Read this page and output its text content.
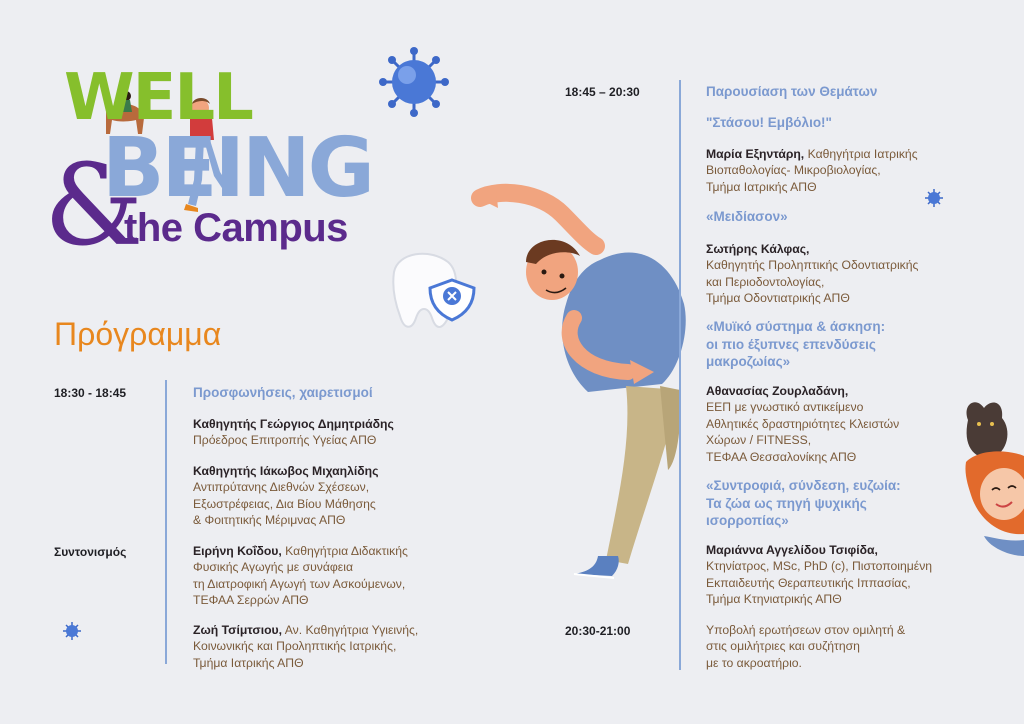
WELL
BEING
&
the Campus
Πρόγραμμα
18:30 - 18:45	Προσφωνήσεις, χαιρετισμοί
Καθηγητής Γεώργιος Δημητριάδης
Πρόεδρος Επιτροπής Υγείας ΑΠΘ
Καθηγητής Ιάκωβος Μιχαηλίδης
Αντιπρύτανης Διεθνών Σχέσεων,
Εξωστρέφειας, Δια Βίου Μάθησης
& Φοιτητικής Μέριμνας ΑΠΘ
Συντονισμός	Ειρήνη Κοΐδου, Καθηγήτρια Διδακτικής
Φυσικής Αγωγής με συνάφεια
τη Διατροφική Αγωγή των Ασκούμενων,
ΤΕΦΑΑ Σερρών ΑΠΘ
Ζωή Τσίμτσιου, Αν. Καθηγήτρια Υγιεινής,
Κοινωνικής και Προληπτικής Ιατρικής,
Τμήμα Ιατρικής ΑΠΘ
18:45 – 20:30	Παρουσίαση των Θεμάτων
"Στάσου! Εμβόλιο!"
Μαρία Εξηντάρη, Καθηγήτρια Ιατρικής
Βιοπαθολογίας- Μικροβιολογίας,
Τμήμα Ιατρικής ΑΠΘ
«Μειδίασον»
Σωτήρης Κάλφας,
Καθηγητής Προληπτικής Οδοντιατρικής
και Περιοδοντολογίας,
Τμήμα Οδοντιατρικής ΑΠΘ
«Μυϊκό σύστημα & άσκηση:
οι πιο έξυπνες επενδύσεις
μακροζωίας»
Αθανασίας Ζουρλαδάνη,
ΕΕΠ με γνωστικό αντικείμενο
Αθλητικές δραστηριότητες Κλειστών
Χώρων / FITNESS,
ΤΕΦΑΑ Θεσσαλονίκης ΑΠΘ
«Συντροφιά, σύνδεση, ευζωία:
Τα ζώα ως πηγή ψυχικής
ισορροπίας»
Μαριάννα Αγγελίδου Τσιφίδα,
Κτηνίατρος, MSc, PhD (c), Πιστοποιημένη
Εκπαιδευτής Θεραπευτικής Ιππασίας,
Τμήμα Κτηνιατρικής ΑΠΘ
20:30-21:00	Υποβολή ερωτήσεων στον ομιλητή &
στις ομιλήτριες και συζήτηση
με το ακροατήριο.
